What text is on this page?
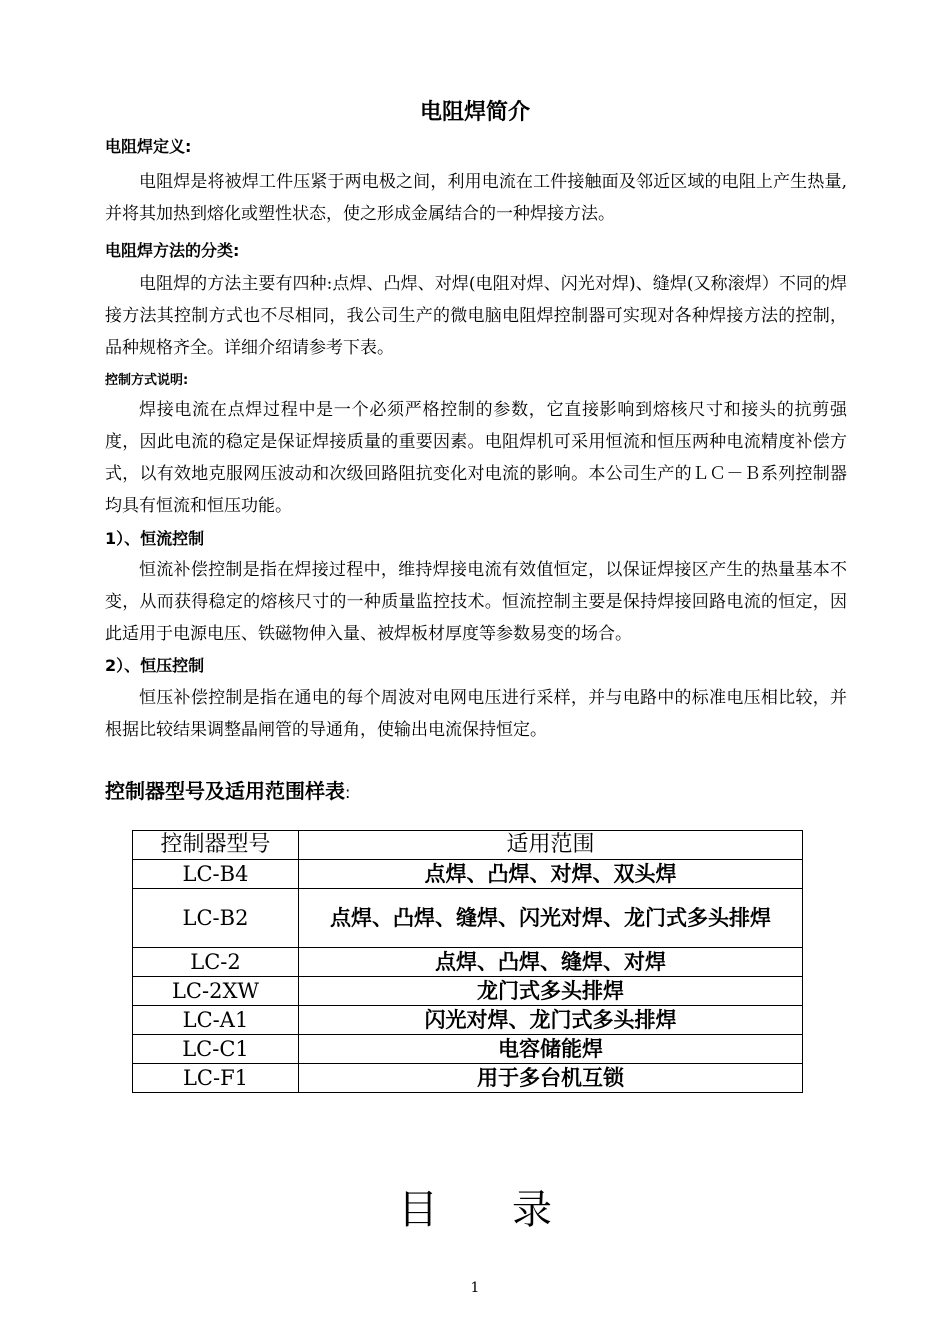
电阻焊简介
电阻焊定义:
电阻焊是将被焊工件压紧于两电极之间，利用电流在工件接触面及邻近区域的电阻上产生热量,并将其加热到熔化或塑性状态，使之形成金属结合的一种焊接方法。
电阻焊方法的分类:
电阻焊的方法主要有四种:点焊、凸焊、对焊(电阻对焊、闪光对焊)、缝焊(又称滚焊）不同的焊接方法其控制方式也不尽相同，我公司生产的微电脑电阻焊控制器可实现对各种焊接方法的控制，品种规格齐全。详细介绍请参考下表。
控制方式说明:
焊接电流在点焊过程中是一个必须严格控制的参数，它直接影响到熔核尺寸和接头的抗剪强度，因此电流的稳定是保证焊接质量的重要因素。电阻焊机可采用恒流和恒压两种电流精度补偿方式，以有效地克服网压波动和次级回路阻抗变化对电流的影响。本公司生产的ＬＣ－Ｂ系列控制器均具有恒流和恒压功能。
1）、恒流控制
恒流补偿控制是指在焊接过程中，维持焊接电流有效值恒定，以保证焊接区产生的热量基本不变，从而获得稳定的熔核尺寸的一种质量监控技术。恒流控制主要是保持焊接回路电流的恒定，因此适用于电源电压、铁磁物伸入量、被焊板材厚度等参数易变的场合。
2）、恒压控制
恒压补偿控制是指在通电的每个周波对电网电压进行采样，并与电路中的标准电压相比较，并根据比较结果调整晶闸管的导通角，使输出电流保持恒定。
控制器型号及适用范围样表:
控制器型号	适用范围
LC-B4	点焊、凸焊、对焊、双头焊
LC-B2	点焊、凸焊、缝焊、闪光对焊、龙门式多头排焊
LC-2	点焊、凸焊、缝焊、对焊
LC-2XW	龙门式多头排焊
LC-A1	闪光对焊、龙门式多头排焊
LC-C1	电容储能焊
LC-F1	用于多台机互锁
目录
1
